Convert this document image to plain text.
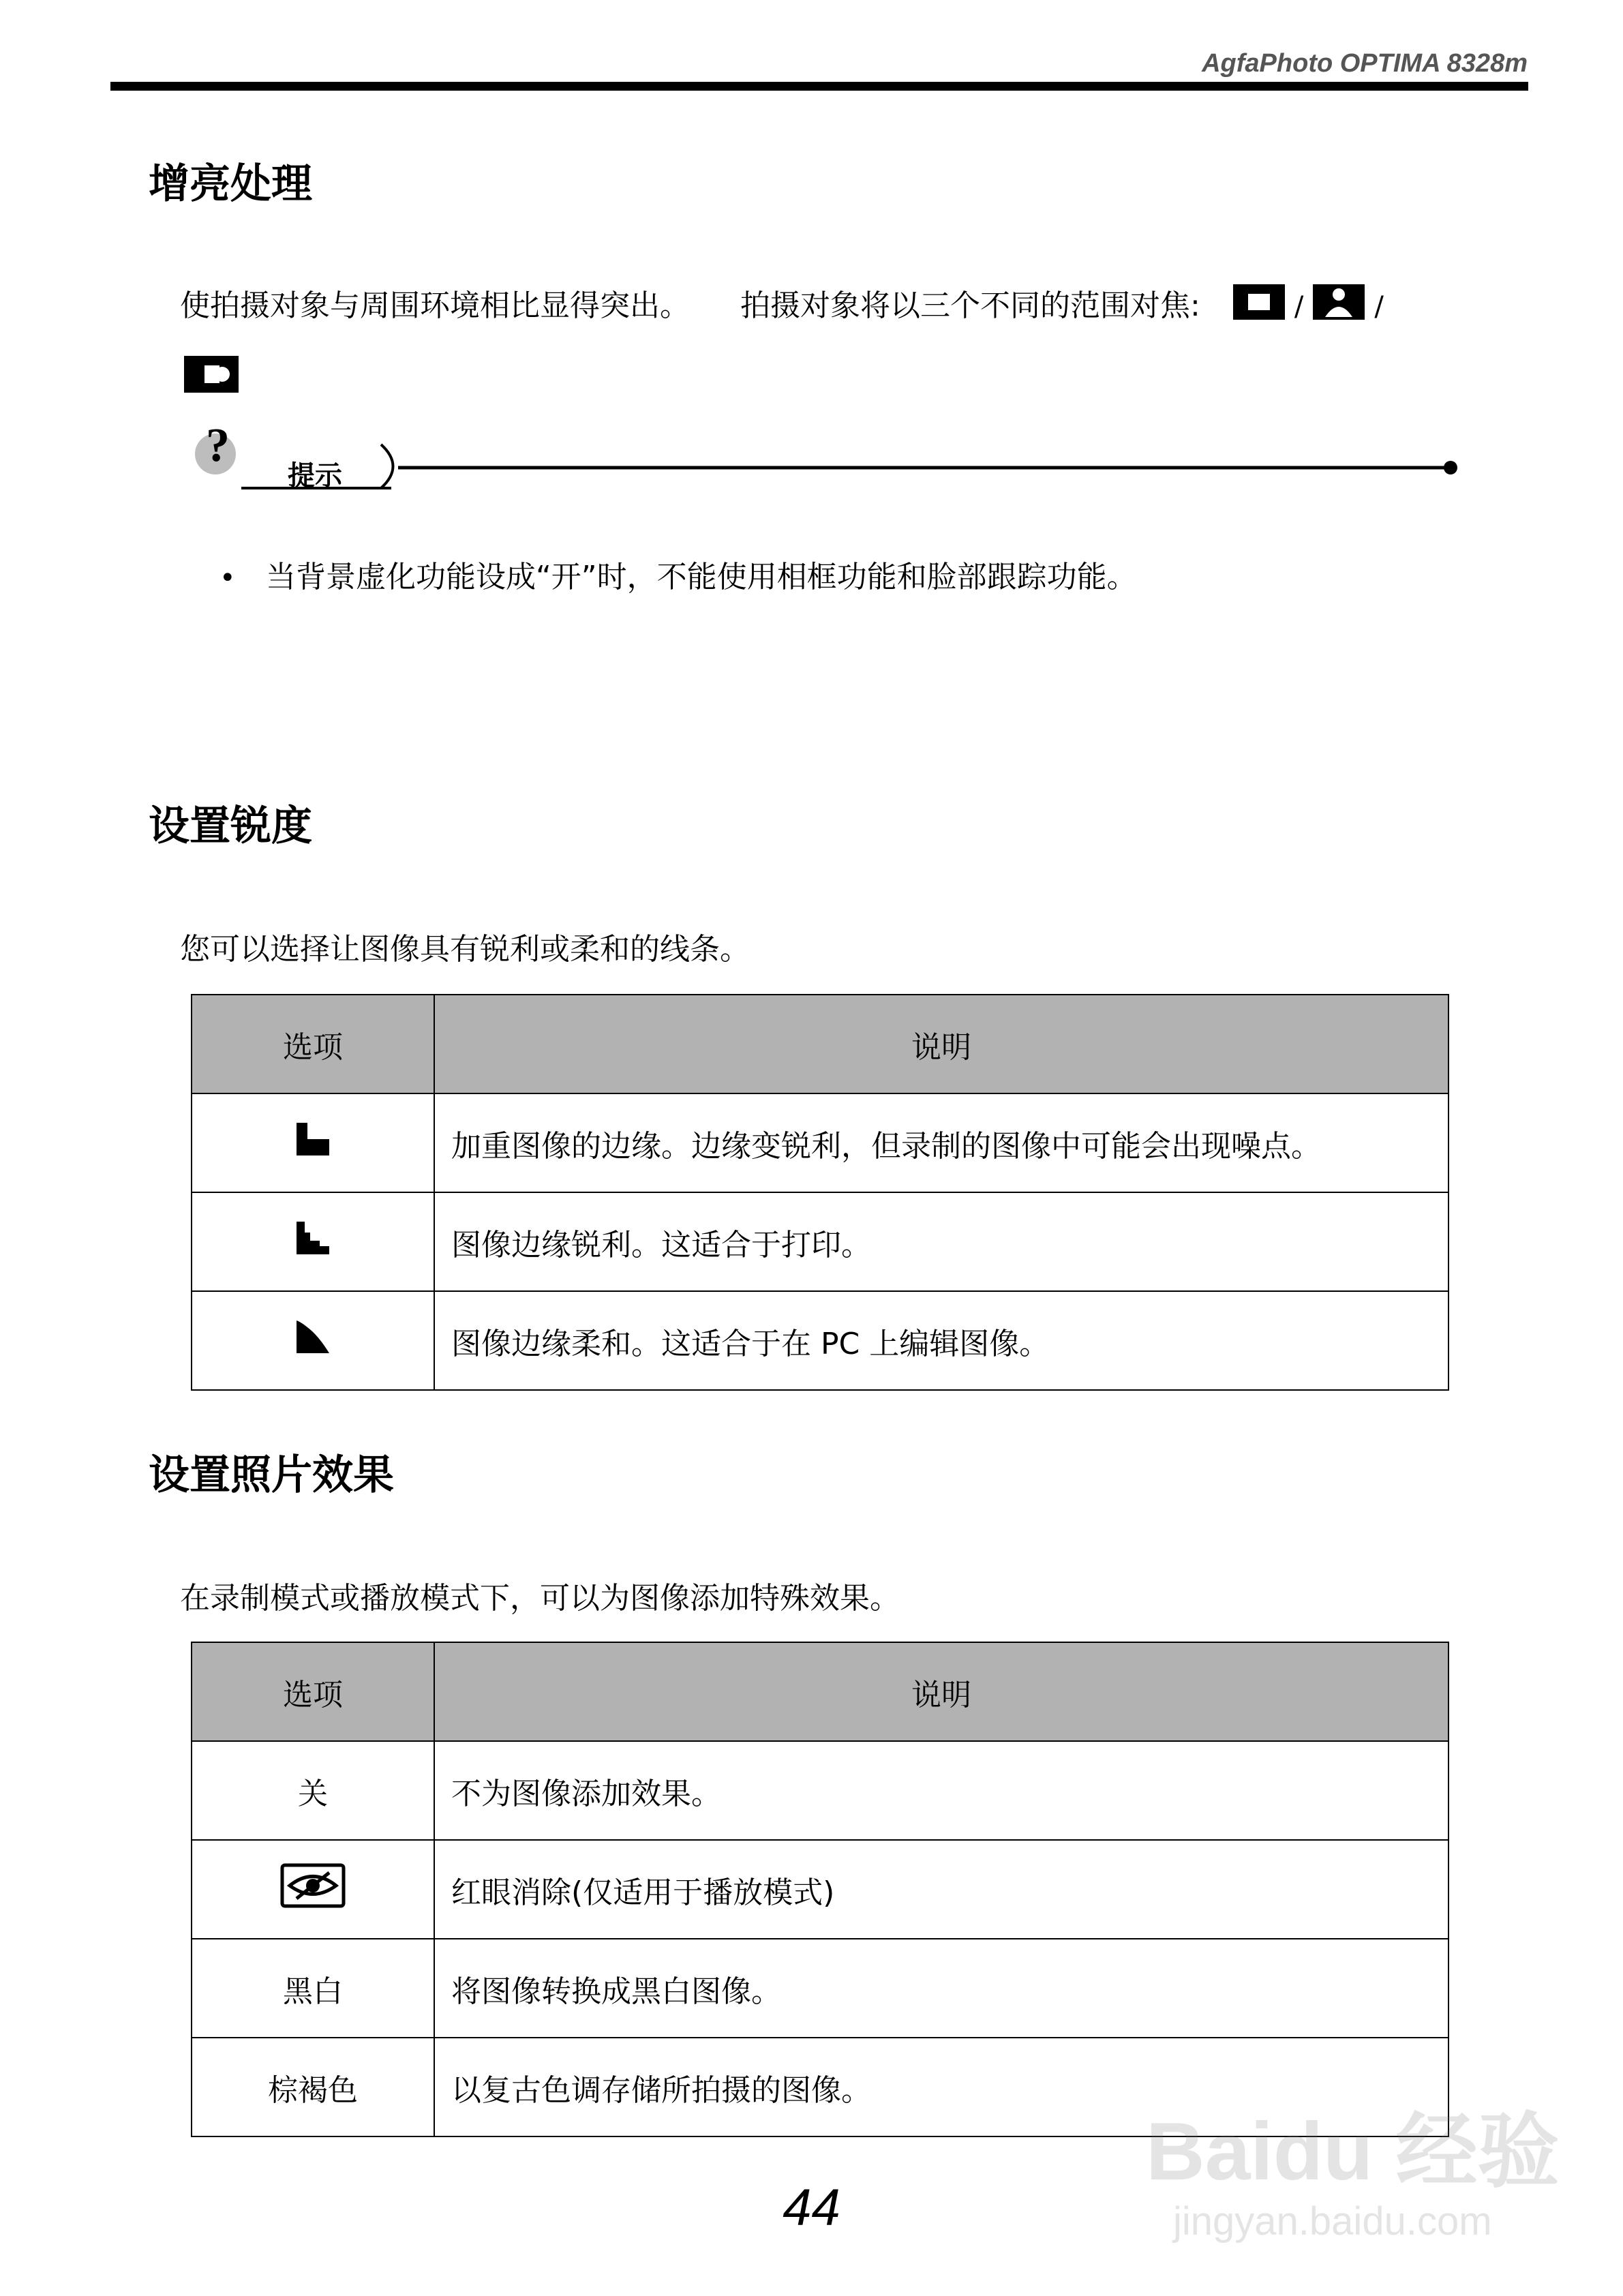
AgfaPhoto OPTIMA 8328m
增亮处理

使拍摄对象与周围环境相比显得突出。 拍摄对象将以三个不同的范围对焦:	/	/

?
提示
• 当背景虚化功能设成“开”时，不能使用相框功能和脸部跟踪功能。
设置锐度

您可以选择让图像具有锐利或柔和的线条。

选项	说明
	加重图像的边缘。边缘变锐利，但录制的图像中可能会出现噪点。
	图像边缘锐利。这适合于打印。
	图像边缘柔和。这适合于在 PC 上编辑图像。
设置照片效果

在录制模式或播放模式下，可以为图像添加特殊效果。

选项	说明
关	不为图像添加效果。
	红眼消除(仅适用于播放模式)
黑白	将图像转换成黑白图像。
棕褐色	以复古色调存储所拍摄的图像。
44
Baidu 经验
jingyan.baidu.com
